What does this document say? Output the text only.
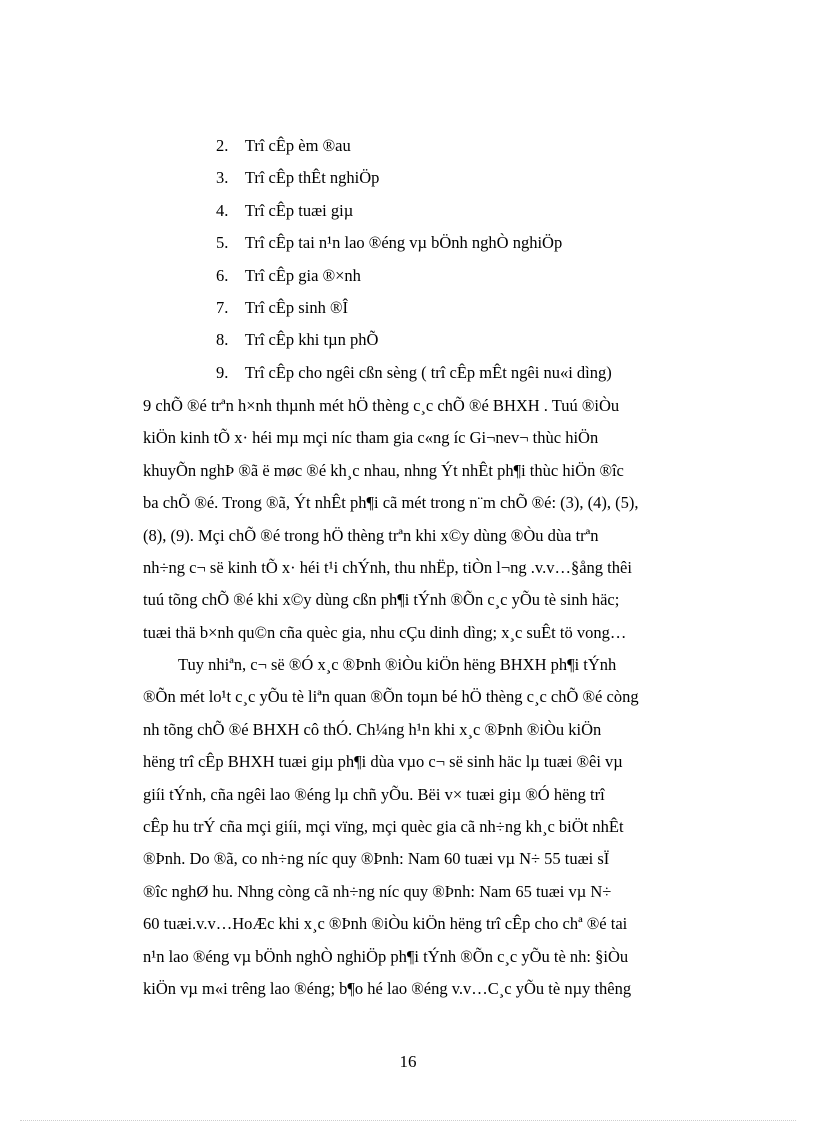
2. Trî cÊp èm ®au
3. Trî cÊp thÊt nghiÖp
4. Trî cÊp tuæi giµ
5. Trî cÊp tai n¹n lao ®éng vµ bÖnh nghÒ nghiÖp
6. Trî cÊp gia ®×nh
7. Trî cÊp sinh ®Î
8. Trî cÊp khi tµn phÕ
9. Trî cÊp cho ngêi cßn sèng ( trî cÊp mÊt ngêi nu«i dìng)
9 chÕ ®é trªn h×nh thµnh mét hÖ thèng c¸c chÕ ®é BHXH . Tuú ®iÒu
kiÖn kinh tÕ x· héi mµ mçi níc tham gia c«ng íc Gi¬nev¬ thùc hiÖn
khuyÕn nghÞ ®ã ë møc ®é kh¸c nhau, nhng Ýt nhÊt ph¶i thùc hiÖn ®îc
ba chÕ ®é. Trong ®ã, Ýt nhÊt ph¶i cã mét trong n¨m chÕ ®é: (3), (4), (5),
(8), (9). Mçi chÕ ®é trong hÖ thèng trªn khi x©y dùng ®Òu dùa trªn
nh÷ng c¬ së kinh tÕ x· héi t¹i chÝnh, thu nhËp, tiÒn l¬ng .v.v…§ång thêi
tuú tõng chÕ ®é khi x©y dùng cßn ph¶i tÝnh ®Õn c¸c yÕu tè sinh häc;
tuæi thä b×nh qu©n cña quèc gia, nhu cÇu dinh dìng; x¸c suÊt tö vong…
Tuy nhiªn, c¬ së ®Ó x¸c ®Þnh ®iÒu kiÖn hëng BHXH ph¶i tÝnh
®Õn mét lo¹t c¸c yÕu tè liªn quan ®Õn toµn bé hÖ thèng c¸c chÕ ®é còng
nh tõng chÕ ®é BHXH cô thÓ. Ch¼ng h¹n khi x¸c ®Þnh ®iÒu kiÖn
hëng trî cÊp BHXH tuæi giµ ph¶i dùa vµo c¬ së sinh häc lµ tuæi ®êi vµ
giíi tÝnh, cña ngêi lao ®éng lµ chñ yÕu. Bëi v× tuæi giµ ®Ó hëng trî
cÊp hu trÝ cña mçi giíi, mçi vïng, mçi quèc gia cã nh÷ng kh¸c biÖt nhÊt
®Þnh. Do ®ã, co nh÷ng níc quy ®Þnh: Nam 60 tuæi vµ N÷ 55 tuæi sÏ
®îc nghØ hu. Nhng còng cã nh÷ng níc quy ®Þnh: Nam 65 tuæi vµ N÷
60 tuæi.v.v…HoÆc khi x¸c ®Þnh ®iÒu kiÖn hëng trî cÊp cho chª ®é tai
n¹n lao ®éng vµ bÖnh nghÒ nghiÖp ph¶i tÝnh ®Õn c¸c yÕu tè nh: §iÒu
kiÖn vµ m«i trêng lao ®éng; b¶o hé lao ®éng v.v…C¸c yÕu tè nµy thêng
16
